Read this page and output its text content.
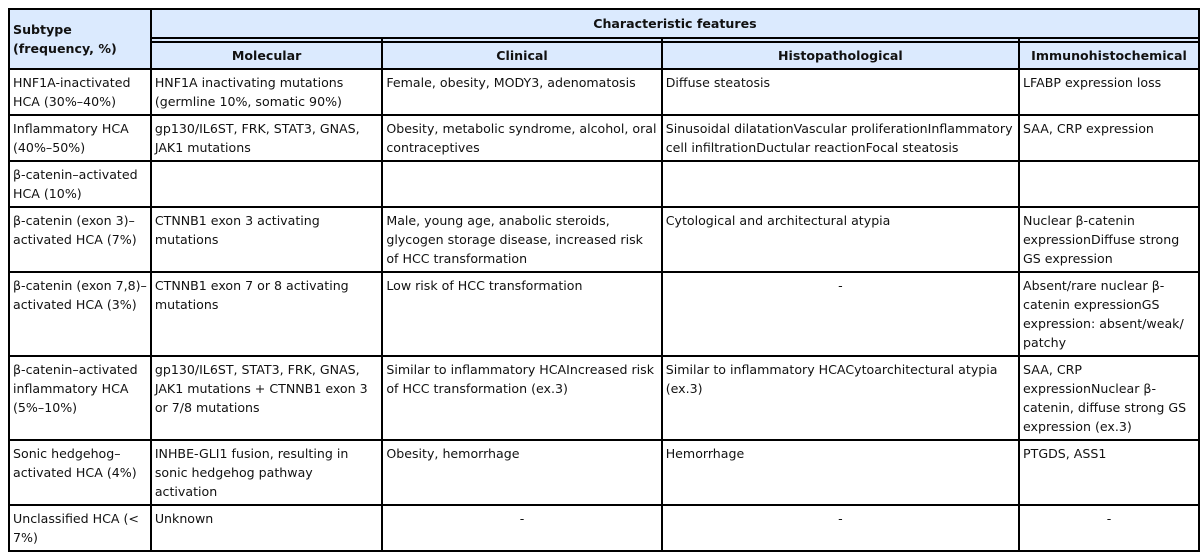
Subtype (frequency, %)	Characteristic features			
	Molecular	Clinical	Histopathological	Immunohistochemical
HNF1A-inactivated HCA (30%–40%)	HNF1A inactivating mutations (germline 10%, somatic 90%)	Female, obesity, MODY3, adenomatosis	Diffuse steatosis	LFABP expression loss
Inflammatory HCA (40%–50%)	gp130/IL6ST, FRK, STAT3, GNAS, JAK1 mutations	Obesity, metabolic syndrome, alcohol, oral contraceptives	Sinusoidal dilatationVascular proliferationInflammatory cell infiltrationDuctular reactionFocal steatosis	SAA, CRP expression
β-catenin–activated HCA (10%)				
β-catenin (exon 3)–activated HCA (7%)	CTNNB1 exon 3 activating mutations	Male, young age, anabolic steroids, glycogen storage disease, increased risk of HCC transformation	Cytological and architectural atypia	Nuclear β-catenin expressionDiffuse strong GS expression
β-catenin (exon 7,8)–activated HCA (3%)	CTNNB1 exon 7 or 8 activating mutations	Low risk of HCC transformation	-	Absent/rare nuclear β-catenin expressionGS expression: absent/weak/ patchy
β-catenin–activated inflammatory HCA (5%–10%)	gp130/IL6ST, STAT3, FRK, GNAS, JAK1 mutations + CTNNB1 exon 3 or 7/8 mutations	Similar to inflammatory HCAIncreased risk of HCC transformation (ex.3)	Similar to inflammatory HCACytoarchitectural atypia (ex.3)	SAA, CRP expressionNuclear β-catenin, diffuse strong GS expression (ex.3)
Sonic hedgehog–activated HCA (4%)	INHBE-GLI1 fusion, resulting in sonic hedgehog pathway activation	Obesity, hemorrhage	Hemorrhage	PTGDS, ASS1
Unclassified HCA (< 7%)	Unknown	-	-	-
